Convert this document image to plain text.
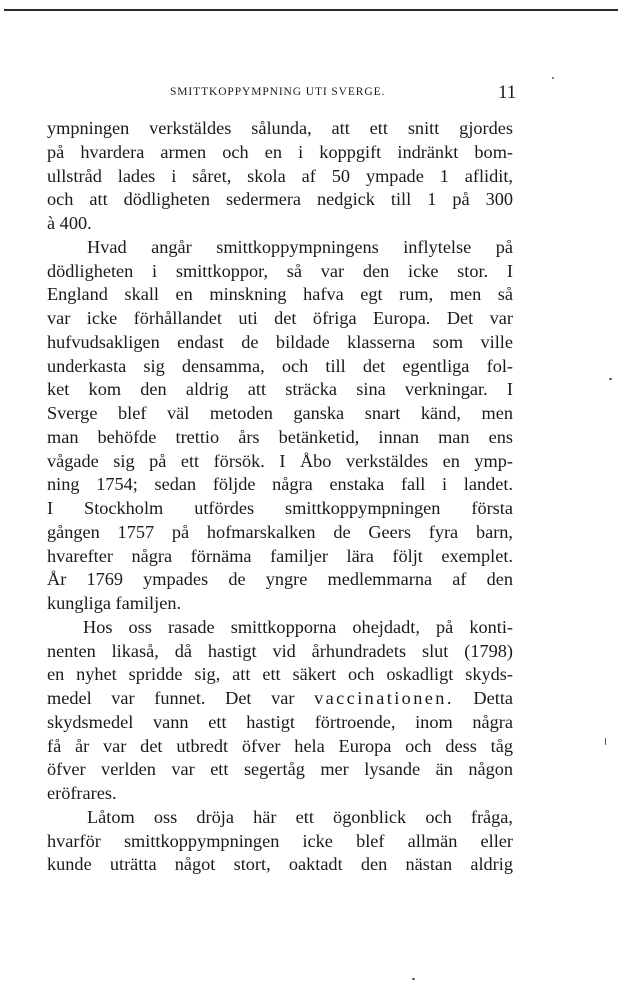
SMITTKOPPYMPNING UTI SVERGE.	11
ympningen verkstäldes sålunda, att ett snitt gjordes
på hvardera armen och en i koppgift indränkt bom-
ullstråd lades i såret, skola af 50 ympade 1 aflidit,
och att dödligheten sedermera nedgick till 1 på 300
à 400.
Hvad angår smittkoppympningens inflytelse på
dödligheten i smittkoppor, så var den icke stor. I
England skall en minskning hafva egt rum, men så
var icke förhållandet uti det öfriga Europa. Det var
hufvudsakligen endast de bildade klasserna som ville
underkasta sig densamma, och till det egentliga fol-
ket kom den aldrig att sträcka sina verkningar. I
Sverge blef väl metoden ganska snart känd, men
man behöfde trettio års betänketid, innan man ens
vågade sig på ett försök. I Åbo verkstäldes en ymp-
ning 1754; sedan följde några enstaka fall i landet.
I Stockholm utfördes smittkoppympningen första
gången 1757 på hofmarskalken de Geers fyra barn,
hvarefter några förnäma familjer lära följt exemplet.
År 1769 ympades de yngre medlemmarna af den
kungliga familjen.
Hos oss rasade smittkopporna ohejdadt, på konti-
nenten likaså, då hastigt vid århundradets slut (1798)
en nyhet spridde sig, att ett säkert och oskadligt skyds-
medel var funnet. Det var vaccinationen. Detta
skydsmedel vann ett hastigt förtroende, inom några
få år var det utbredt öfver hela Europa och dess tåg
öfver verlden var ett segertåg mer lysande än någon
eröfrares.
Låtom oss dröja här ett ögonblick och fråga,
hvarför smittkoppympningen icke blef allmän eller
kunde uträtta något stort, oaktadt den nästan aldrig
